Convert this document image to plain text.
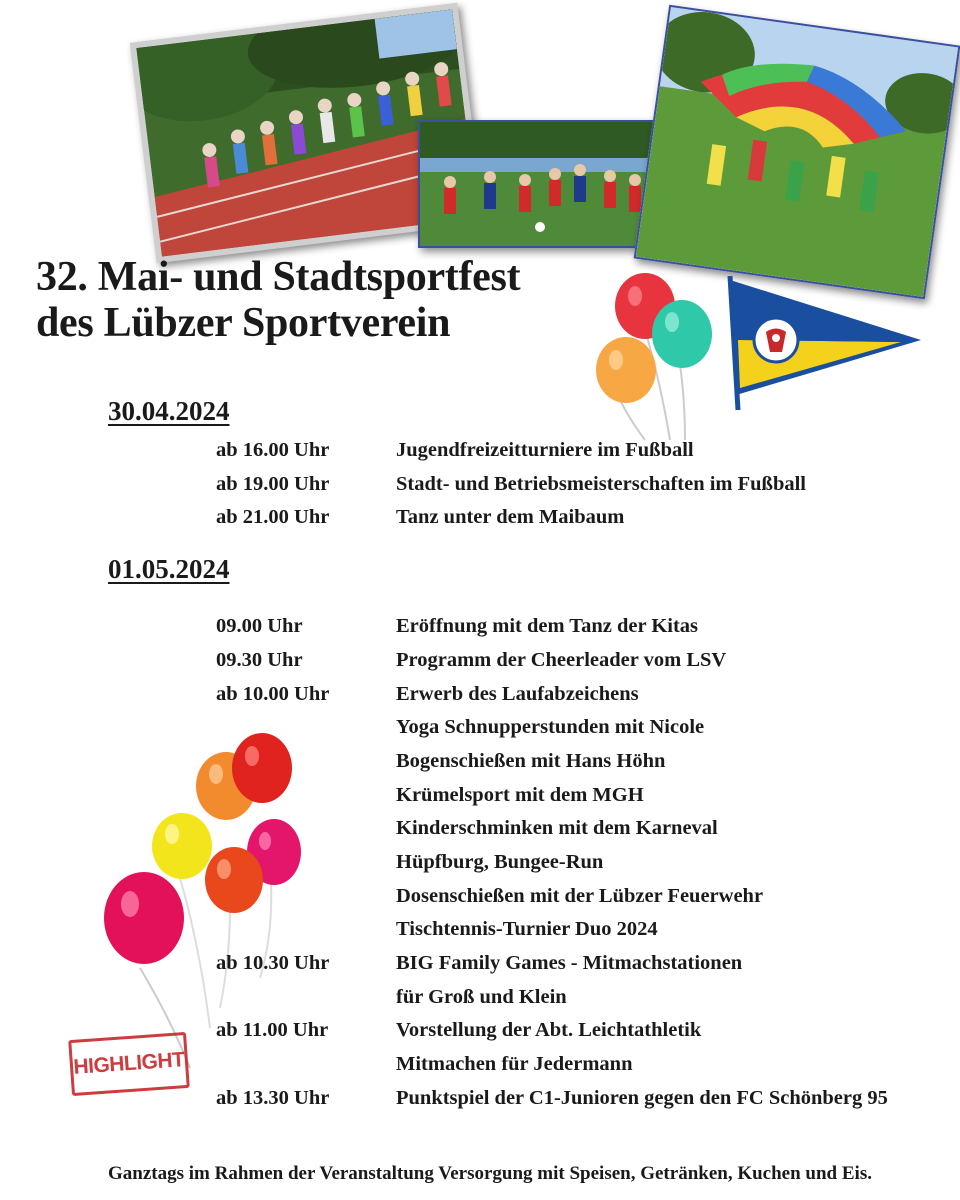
32. Mai- und Stadtsportfest
des Lübzer Sportverein
30.04.2024
ab 16.00 Uhr	Jugendfreizeitturniere im Fußball
ab 19.00 Uhr	Stadt- und Betriebsmeisterschaften im Fußball
ab 21.00 Uhr	Tanz unter dem Maibaum
01.05.2024
HIGHLIGHT
09.00 Uhr	Eröffnung mit dem Tanz der Kitas
09.30 Uhr	Programm der Cheerleader vom LSV
ab 10.00 Uhr	Erwerb des Laufabzeichens
Yoga Schnupperstunden mit Nicole
Bogenschießen mit Hans Höhn
Krümelsport mit dem MGH
Kinderschminken mit dem Karneval
Hüpfburg, Bungee-Run
Dosenschießen mit der Lübzer Feuerwehr
Tischtennis-Turnier Duo 2024
ab 10.30 Uhr	BIG Family Games - Mitmachstationen
für Groß und Klein
ab 11.00 Uhr	Vorstellung der Abt. Leichtathletik
Mitmachen für Jedermann
ab 13.30 Uhr	Punktspiel der C1-Junioren gegen den FC Schönberg 95
Ganztags im Rahmen der Veranstaltung Versorgung mit Speisen, Getränken, Kuchen und Eis.
